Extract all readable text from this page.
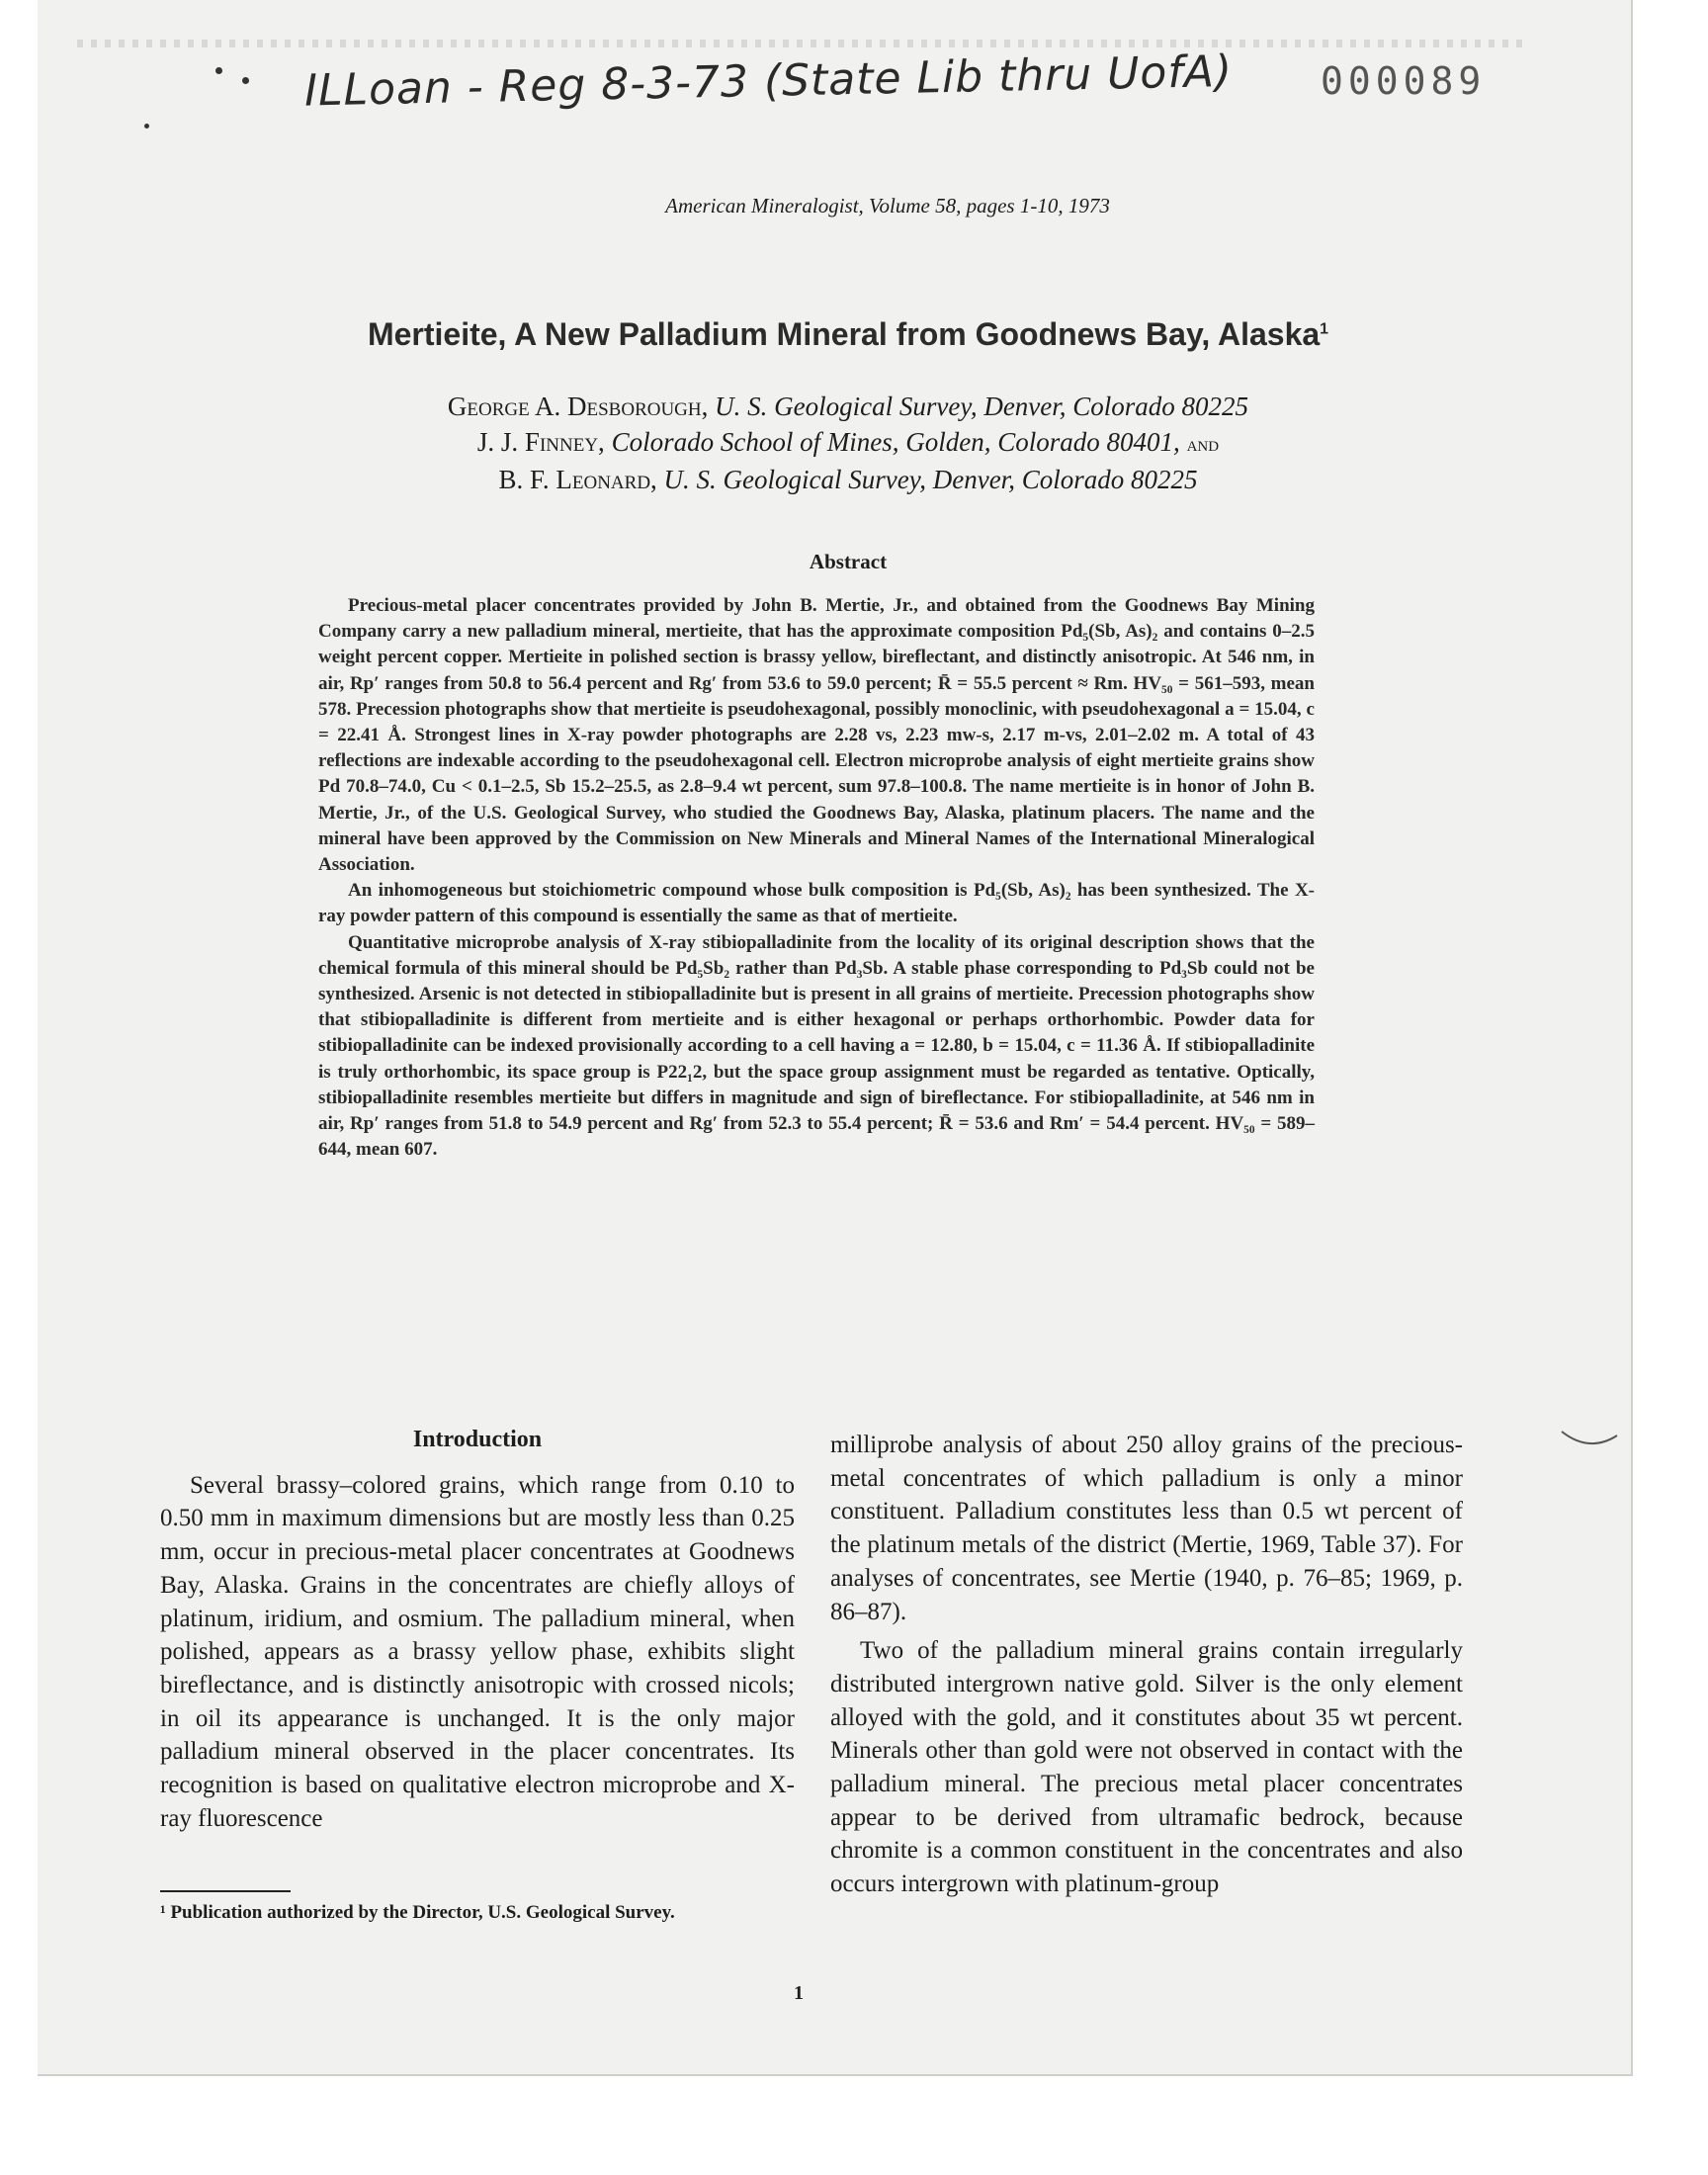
ILLoan - Reg 8-3-73 (State Lib thru UofA) 000089
American Mineralogist, Volume 58, pages 1-10, 1973
Mertieite, A New Palladium Mineral from Goodnews Bay, Alaska$^1$
George A. Desborough, U. S. Geological Survey, Denver, Colorado 80225
J. J. Finney, Colorado School of Mines, Golden, Colorado 80401, and
B. F. Leonard, U. S. Geological Survey, Denver, Colorado 80225
Abstract

Precious-metal placer concentrates provided by John B. Mertie, Jr., and obtained from the Goodnews Bay Mining Company carry a new palladium mineral, mertieite, that has the approximate composition Pd₅(Sb, As)₂ and contains 0–2.5 weight percent copper. Mertieite in polished section is brassy yellow, bireflectant, and distinctly anisotropic. At 546 nm, in air, Rp′ ranges from 50.8 to 56.4 percent and Rg′ from 53.6 to 59.0 percent; R̄ = 55.5 percent ≈ Rm. HV₅₀ = 561–593, mean 578. Precession photographs show that mertieite is pseudohexagonal, possibly monoclinic, with pseudohexagonal a = 15.04, c = 22.41 Å. Strongest lines in X-ray powder photographs are 2.28 vs, 2.23 mw-s, 2.17 m-vs, 2.01–2.02 m. A total of 43 reflections are indexable according to the pseudohexagonal cell. Electron microprobe analysis of eight mertieite grains show Pd 70.8–74.0, Cu < 0.1–2.5, Sb 15.2–25.5, as 2.8–9.4 wt percent, sum 97.8–100.8. The name mertieite is in honor of John B. Mertie, Jr., of the U.S. Geological Survey, who studied the Goodnews Bay, Alaska, platinum placers. The name and the mineral have been approved by the Commission on New Minerals and Mineral Names of the International Mineralogical Association.

An inhomogeneous but stoichiometric compound whose bulk composition is Pd₅(Sb, As)₂ has been synthesized. The X-ray powder pattern of this compound is essentially the same as that of mertieite.

Quantitative microprobe analysis of X-ray stibiopalladinite from the locality of its original description shows that the chemical formula of this mineral should be Pd₅Sb₂ rather than Pd₃Sb. A stable phase corresponding to Pd₃Sb could not be synthesized. Arsenic is not detected in stibiopalladinite but is present in all grains of mertieite. Precession photographs show that stibiopalladinite is different from mertieite and is either hexagonal or perhaps orthorhombic. Powder data for stibiopalladinite can be indexed provisionally according to a cell having a = 12.80, b = 15.04, c = 11.36 Å. If stibiopalladinite is truly orthorhombic, its space group is P22₁2, but the space group assignment must be regarded as tentative. Optically, stibiopalladinite resembles mertieite but differs in magnitude and sign of bireflectance. For stibiopalladinite, at 546 nm in air, Rp′ ranges from 51.8 to 54.9 percent and Rg′ from 52.3 to 55.4 percent; R̄ = 53.6 and Rm′ = 54.4 percent. HV₅₀ = 589–644, mean 607.

Introduction

Several brassy–colored grains, which range from 0.10 to 0.50 mm in maximum dimensions but are mostly less than 0.25 mm, occur in precious-metal placer concentrates at Goodnews Bay, Alaska. Grains in the concentrates are chiefly alloys of platinum, iridium, and osmium. The palladium mineral, when polished, appears as a brassy yellow phase, exhibits slight bireflectance, and is distinctly anisotropic with crossed nicols; in oil its appearance is unchanged. It is the only major palladium mineral observed in the placer concentrates. Its recognition is based on qualitative electron microprobe and X-ray fluorescence

milliprobe analysis of about 250 alloy grains of the precious-metal concentrates of which palladium is only a minor constituent. Palladium constitutes less than 0.5 wt percent of the platinum metals of the district (Mertie, 1969, Table 37). For analyses of concentrates, see Mertie (1940, p. 76–85; 1969, p. 86–87).

Two of the palladium mineral grains contain irregularly distributed intergrown native gold. Silver is the only element alloyed with the gold, and it constitutes about 35 wt percent. Minerals other than gold were not observed in contact with the palladium mineral. The precious metal placer concentrates appear to be derived from ultramafic bedrock, because chromite is a common constituent in the concentrates and also occurs intergrown with platinum-group

¹ Publication authorized by the Director, U.S. Geological Survey.
1
